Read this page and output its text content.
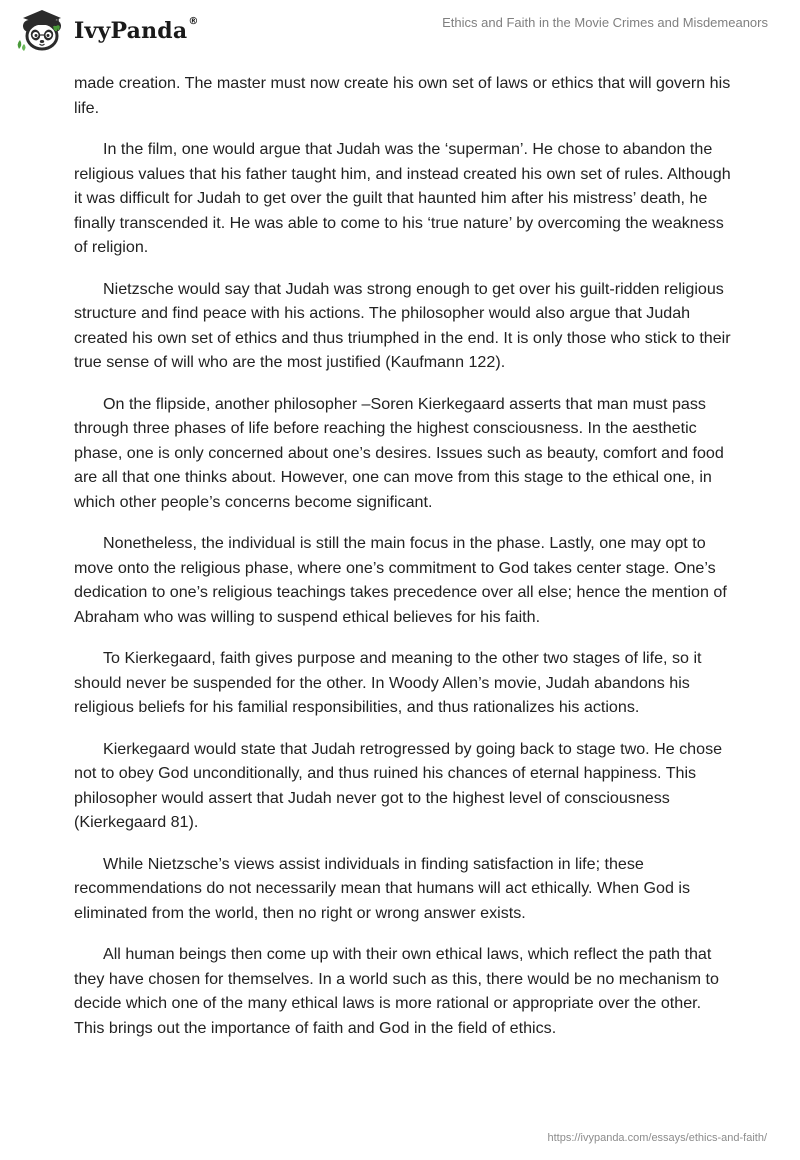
IvyPanda®	Ethics and Faith in the Movie Crimes and Misdemeanors

made creation. The master must now create his own set of laws or ethics that will govern his life.

In the film, one would argue that Judah was the ‘superman’. He chose to abandon the religious values that his father taught him, and instead created his own set of rules. Although it was difficult for Judah to get over the guilt that haunted him after his mistress’ death, he finally transcended it. He was able to come to his ‘true nature’ by overcoming the weakness of religion.

Nietzsche would say that Judah was strong enough to get over his guilt-ridden religious structure and find peace with his actions. The philosopher would also argue that Judah created his own set of ethics and thus triumphed in the end. It is only those who stick to their true sense of will who are the most justified (Kaufmann 122).

On the flipside, another philosopher –Soren Kierkegaard asserts that man must pass through three phases of life before reaching the highest consciousness. In the aesthetic phase, one is only concerned about one’s desires. Issues such as beauty, comfort and food are all that one thinks about. However, one can move from this stage to the ethical one, in which other people’s concerns become significant.

Nonetheless, the individual is still the main focus in the phase. Lastly, one may opt to move onto the religious phase, where one’s commitment to God takes center stage. One’s dedication to one’s religious teachings takes precedence over all else; hence the mention of Abraham who was willing to suspend ethical believes for his faith.

To Kierkegaard, faith gives purpose and meaning to the other two stages of life, so it should never be suspended for the other. In Woody Allen’s movie, Judah abandons his religious beliefs for his familial responsibilities, and thus rationalizes his actions.

Kierkegaard would state that Judah retrogressed by going back to stage two. He chose not to obey God unconditionally, and thus ruined his chances of eternal happiness. This philosopher would assert that Judah never got to the highest level of consciousness (Kierkegaard 81).

While Nietzsche’s views assist individuals in finding satisfaction in life; these recommendations do not necessarily mean that humans will act ethically. When God is eliminated from the world, then no right or wrong answer exists.

All human beings then come up with their own ethical laws, which reflect the path that they have chosen for themselves. In a world such as this, there would be no mechanism to decide which one of the many ethical laws is more rational or appropriate over the other. This brings out the importance of faith and God in the field of ethics.

https://ivypanda.com/essays/ethics-and-faith/
